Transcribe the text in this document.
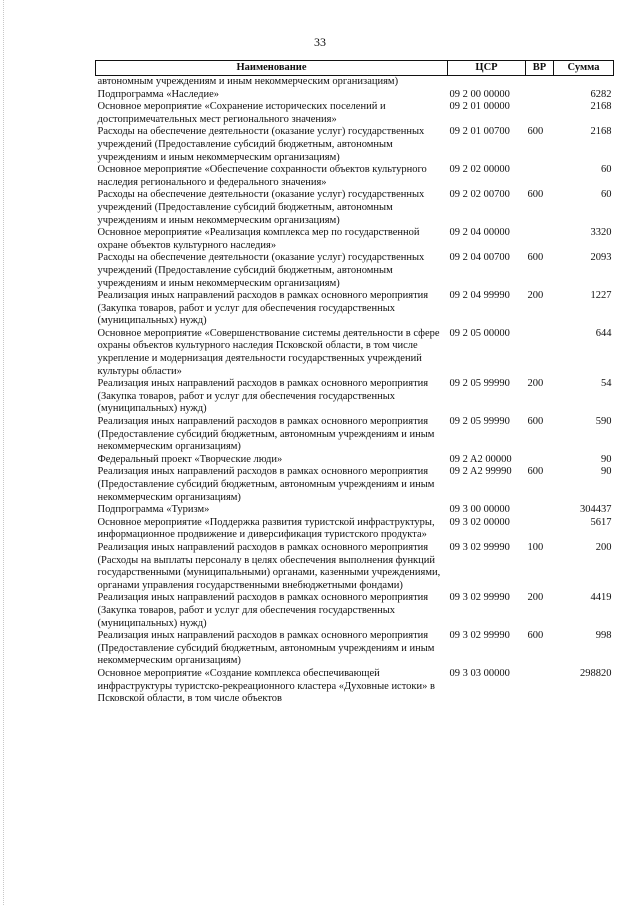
33
Наименование	ЦСР	ВР	Сумма
автономным учреждениям и иным некоммерческим организациям)			
Подпрограмма «Наследие»	09 2 00 00000		6282
Основное мероприятие «Сохранение исторических поселений и достопримечательных мест регионального значения»	09 2 01 00000		2168
Расходы на обеспечение деятельности (оказание услуг) государственных учреждений (Предоставление субсидий бюджетным, автономным учреждениям и иным некоммерческим организациям)	09 2 01 00700	600	2168
Основное мероприятие «Обеспечение сохранности объектов культурного наследия регионального и федерального значения»	09 2 02 00000		60
Расходы на обеспечение деятельности (оказание услуг) государственных учреждений (Предоставление субсидий бюджетным, автономным учреждениям и иным некоммерческим организациям)	09 2 02 00700	600	60
Основное мероприятие «Реализация комплекса мер по государственной охране объектов культурного наследия»	09 2 04 00000		3320
Расходы на обеспечение деятельности (оказание услуг) государственных учреждений (Предоставление субсидий бюджетным, автономным учреждениям и иным некоммерческим организациям)	09 2 04 00700	600	2093
Реализация иных направлений расходов в рамках основного мероприятия (Закупка товаров, работ и услуг для обеспечения государственных (муниципальных) нужд)	09 2 04 99990	200	1227
Основное мероприятие «Совершенствование системы деятельности в сфере охраны объектов культурного наследия Псковской области, в том числе укрепление и модернизация деятельности государственных учреждений культуры области»	09 2 05 00000		644
Реализация иных направлений расходов в рамках основного мероприятия (Закупка товаров, работ и услуг для обеспечения государственных (муниципальных) нужд)	09 2 05 99990	200	54
Реализация иных направлений расходов в рамках основного мероприятия (Предоставление субсидий бюджетным, автономным учреждениям и иным некоммерческим организациям)	09 2 05 99990	600	590
Федеральный проект «Творческие люди»	09 2 A2 00000		90
Реализация иных направлений расходов в рамках основного мероприятия (Предоставление субсидий бюджетным, автономным учреждениям и иным некоммерческим организациям)	09 2 A2 99990	600	90
Подпрограмма «Туризм»	09 3 00 00000		304437
Основное мероприятие «Поддержка развития туристской инфраструктуры, информационное продвижение и диверсификация туристского продукта»	09 3 02 00000		5617
Реализация иных направлений расходов в рамках основного мероприятия (Расходы на выплаты персоналу в целях обеспечения выполнения функций государственными (муниципальными) органами, казенными учреждениями, органами управления государственными внебюджетными фондами)	09 3 02 99990	100	200
Реализация иных направлений расходов в рамках основного мероприятия (Закупка товаров, работ и услуг для обеспечения государственных (муниципальных) нужд)	09 3 02 99990	200	4419
Реализация иных направлений расходов в рамках основного мероприятия (Предоставление субсидий бюджетным, автономным учреждениям и иным некоммерческим организациям)	09 3 02 99990	600	998
Основное мероприятие «Создание комплекса обеспечивающей инфраструктуры туристско-рекреационного кластера «Духовные истоки» в Псковской области, в том числе объектов	09 3 03 00000		298820
